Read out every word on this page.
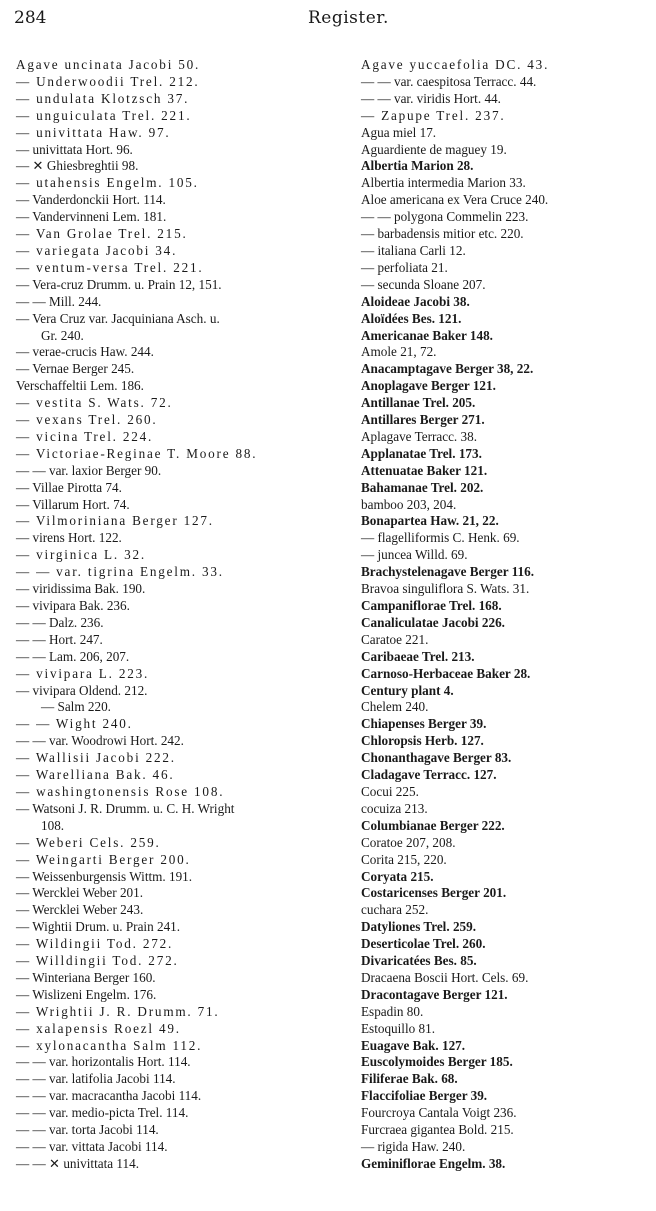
284	Register.
Agave uncinata Jacobi 50.
— Underwoodii Trel. 212.
— undulata Klotzsch 37.
— unguiculata Trel. 221.
— univittata Haw. 97.
— univittata Hort. 96.
— ✕ Ghiesbreghtii 98.
— utahensis Engelm. 105.
— Vanderdonckii Hort. 114.
— Vandervinneni Lem. 181.
— Van Grolae Trel. 215.
— variegata Jacobi 34.
— ventum-versa Trel. 221.
— Vera-cruz Drumm. u. Prain 12, 151.
— — Mill. 244.
— Vera Cruz var. Jacquiniana Asch. u.
Gr. 240.
— verae-crucis Haw. 244.
— Vernae Berger 245.
Verschaffeltii Lem. 186.
— vestita S. Wats. 72.
— vexans Trel. 260.
— vicina Trel. 224.
— Victoriae-Reginae T. Moore 88.
— — var. laxior Berger 90.
— Villae Pirotta 74.
— Villarum Hort. 74.
— Vilmoriniana Berger 127.
— virens Hort. 122.
— virginica L. 32.
— — var. tigrina Engelm. 33.
— viridissima Bak. 190.
— vivipara Bak. 236.
— — Dalz. 236.
— — Hort. 247.
— — Lam. 206, 207.
— vivipara L. 223.
— vivipara Oldend. 212.
— Salm 220.
— — Wight 240.
— — var. Woodrowi Hort. 242.
— Wallisii Jacobi 222.
— Warelliana Bak. 46.
— washingtonensis Rose 108.
— Watsoni J. R. Drumm. u. C. H. Wright
108.
— Weberi Cels. 259.
— Weingarti Berger 200.
— Weissenburgensis Wittm. 191.
— Wercklei Weber 201.
— Werckleі Weber 243.
— Wightii Drum. u. Prain 241.
— Wildingii Tod. 272.
— Willdingii Tod. 272.
— Winteriana Berger 160.
— Wislizeni Engelm. 176.
— Wrightii J. R. Drumm. 71.
— xalapensis Roezl 49.
— xylonacantha Salm 112.
— — var. horizontalis Hort. 114.
— — var. latifolia Jacobi 114.
— — var. macracantha Jacobi 114.
— — var. medio-picta Trel. 114.
— — var. torta Jacobi 114.
— — var. vittata Jacobi 114.
— — ✕ univittata 114.
Agave yuccaefolia DC. 43.
— — var. caespitosa Terracc. 44.
— — var. viridis Hort. 44.
— Zapupe Trel. 237.
Agua miel 17.
Aguardiente de maguey 19.
Albertia Marion 28.
Albertia intermedia Marion 33.
Aloe americana ex Vera Cruce 240.
— — polygona Commelin 223.
— barbadensis mitior etc. 220.
— italiana Carli 12.
— perfoliata 21.
— secunda Sloane 207.
Aloideae Jacobi 38.
Aloïdées Bes. 121.
Americanae Baker 148.
Amole 21, 72.
Anacamptagave Berger 38, 22.
Anoplagave Berger 121.
Antillanae Trel. 205.
Antillares Berger 271.
Aplagave Terracc. 38.
Applanatae Trel. 173.
Attenuatae Baker 121.
Bahamanae Trel. 202.
bamboo 203, 204.
Bonapartea Haw. 21, 22.
— flagelliformis C. Henk. 69.
— juncea Willd. 69.
Brachystelenagave Berger 116.
Bravoa singuliflora S. Wats. 31.
Campaniflorae Trel. 168.
Canaliculatae Jacobi 226.
Caratoe 221.
Caribaeae Trel. 213.
Carnoso-Herbaceae Baker 28.
Century plant 4.
Chelem 240.
Chiapenses Berger 39.
Chloropsis Herb. 127.
Chonanthagave Berger 83.
Cladagave Terracc. 127.
Cocui 225.
cocuiza 213.
Columbianae Berger 222.
Coratoe 207, 208.
Corita 215, 220.
Coryata 215.
Costaricenses Berger 201.
cuchara 252.
Datyliones Trel. 259.
Deserticolae Trel. 260.
Divaricatées Bes. 85.
Dracaena Boscii Hort. Cels. 69.
Dracontagave Berger 121.
Espadin 80.
Estoquillo 81.
Euagave Bak. 127.
Euscolymoides Berger 185.
Filiferae Bak. 68.
Flaccifoliae Berger 39.
Fourcroya Cantala Voigt 236.
Furcraea gigantea Bold. 215.
— rigida Haw. 240.
Geminiflorae Engelm. 38.
